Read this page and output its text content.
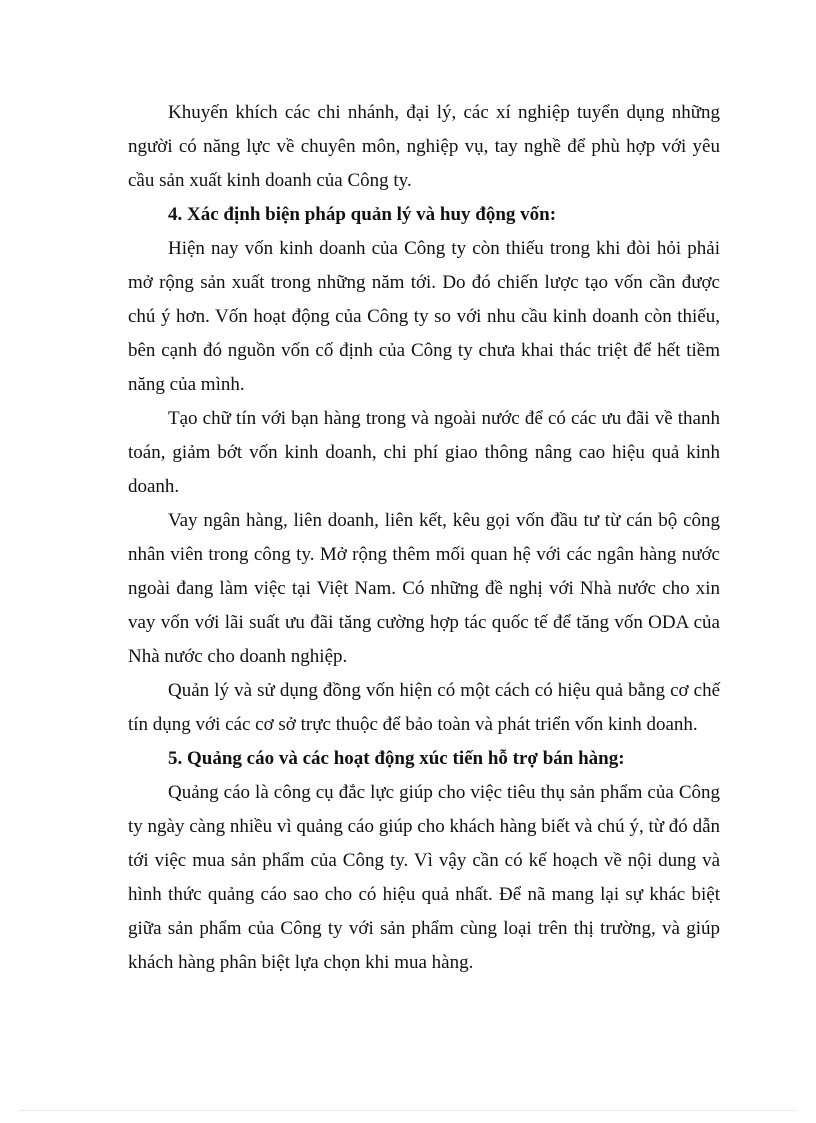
Khuyến khích các chi nhánh, đại lý, các xí nghiệp tuyển dụng những người có năng lực về chuyên môn, nghiệp vụ, tay nghề để phù hợp với yêu cầu sản xuất kinh doanh của Công ty.

4. Xác định biện pháp quản lý và huy động vốn:

Hiện nay vốn kinh doanh của Công ty còn thiếu trong khi đòi hỏi phải mở rộng sản xuất trong những năm tới. Do đó chiến lược tạo vốn cần được chú ý hơn. Vốn hoạt động của Công ty so với nhu cầu kinh doanh còn thiếu, bên cạnh đó nguồn vốn cố định của Công ty chưa khai thác triệt để hết tiềm năng của mình.

Tạo chữ tín với bạn hàng trong và ngoài nước để có các ưu đãi về thanh toán, giảm bớt vốn kinh doanh, chi phí giao thông nâng cao hiệu quả kinh doanh.

Vay ngân hàng, liên doanh, liên kết, kêu gọi vốn đầu tư từ cán bộ công nhân viên trong công ty. Mở rộng thêm mối quan hệ với các ngân hàng nước ngoài đang làm việc tại Việt Nam. Có những đề nghị với Nhà nước cho xin vay vốn với lãi suất ưu đãi tăng cường hợp tác quốc tế để tăng vốn ODA của Nhà nước cho doanh nghiệp.

Quản lý và sử dụng đồng vốn hiện có một cách có hiệu quả bằng cơ chế tín dụng với các cơ sở trực thuộc để bảo toàn và phát triển vốn kinh doanh.

5. Quảng cáo và các hoạt động xúc tiến hỗ trợ bán hàng:

Quảng cáo là công cụ đắc lực giúp cho việc tiêu thụ sản phẩm của Công ty ngày càng nhiều vì quảng cáo giúp cho khách hàng biết và chú ý, từ đó dẫn tới việc mua sản phẩm của Công ty. Vì vậy cần có kế hoạch về nội dung và hình thức quảng cáo sao cho có hiệu quả nhất. Để nã mang lại sự khác biệt giữa sản phẩm của Công ty với sản phẩm cùng loại trên thị trường, và giúp khách hàng phân biệt lựa chọn khi mua hàng.
